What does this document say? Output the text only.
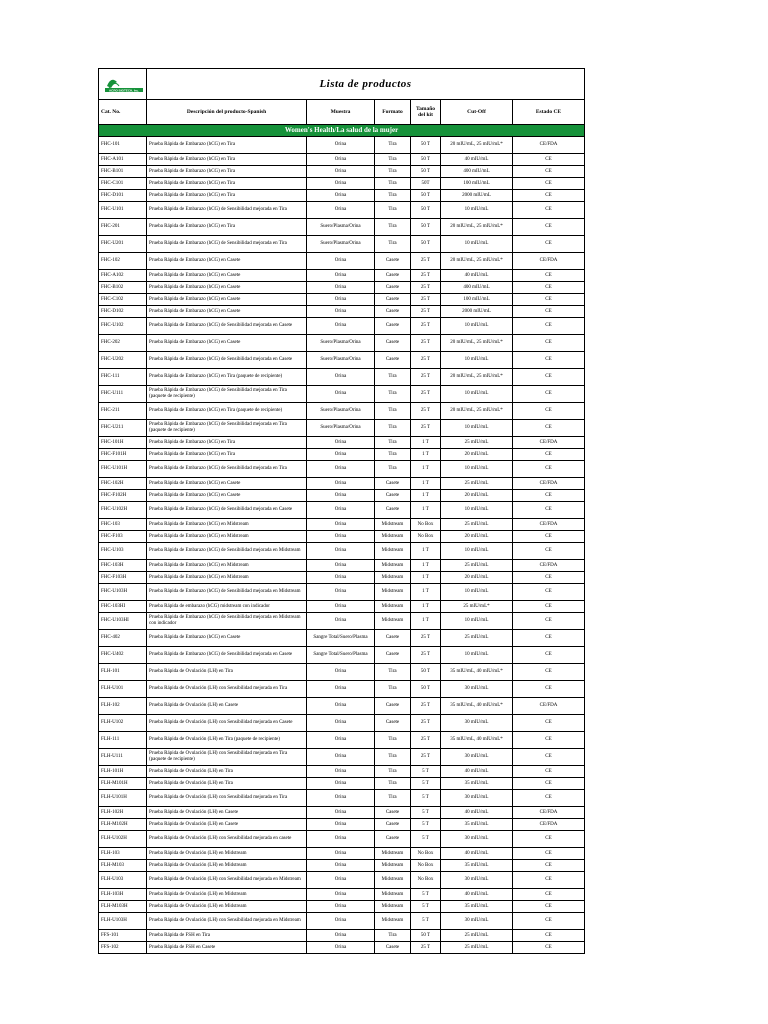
ACRO BIOTECH, Inc.	Lista de productos					
Cat. No.	Descripción del producto-Spanish	Muestra	Formato	Tamaño del kit	Cut-Off	Estado CE
Women's Health/La salud de la mujer						
FHC-101	Prueba Rápida de Embarazo (hCG) en Tira	Orina	Tira	50 T	20 mIU/mL, 25 mIU/mL*	CE/FDA
FHC-A101	Prueba Rápida de Embarazo (hCG) en Tira	Orina	Tira	50 T	40 mIU/mL	CE
FHC-B101	Prueba Rápida de Embarazo (hCG) en Tira	Orina	Tira	50 T	400 mIU/mL	CE
FHC-C101	Prueba Rápida de Embarazo (hCG) en Tira	Orina	Tira	50T	100 mIU/mL	CE
FHC-D101	Prueba Rápida de Embarazo (hCG) en Tira	Orina	Tira	50 T	2000 mIU/mL	CE
FHC-U101	Prueba Rápida de Embarazo (hCG) de Sensibilidad mejorada en Tira	Orina	Tira	50 T	10 mIU/mL	CE
FHC-201	Prueba Rápida de Embarazo (hCG) en Tira	Suero/Plasma/Orina	Tira	50 T	20 mIU/mL, 25 mIU/mL*	CE
FHC-U201	Prueba Rápida de Embarazo (hCG) de Sensibilidad mejorada en Tira	Suero/Plasma/Orina	Tira	50 T	10 mIU/mL	CE
FHC-102	Prueba Rápida de Embarazo (hCG) en Casete	Orina	Casete	25 T	20 mIU/mL, 25 mIU/mL*	CE/FDA
FHC-A102	Prueba Rápida de Embarazo (hCG) en Casete	Orina	Casete	25 T	40 mIU/mL	CE
FHC-B102	Prueba Rápida de Embarazo (hCG) en Casete	Orina	Casete	25 T	400 mIU/mL	CE
FHC-C102	Prueba Rápida de Embarazo (hCG) en Casete	Orina	Casete	25 T	100 mIU/mL	CE
FHC-D102	Prueba Rápida de Embarazo (hCG) en Casete	Orina	Casete	25 T	2000 mIU/mL	CE
FHC-U102	Prueba Rápida de Embarazo (hCG) de Sensibilidad mejorada en Casete	Orina	Casete	25 T	10 mIU/mL	CE
FHC-202	Prueba Rápida de Embarazo (hCG) en Casete	Suero/Plasma/Orina	Casete	25 T	20 mIU/mL, 25 mIU/mL*	CE
FHC-U202	Prueba Rápida de Embarazo (hCG) de Sensibilidad mejorada en Casete	Suero/Plasma/Orina	Casete	25 T	10 mIU/mL	CE
FHC-111	Prueba Rápida de Embarazo (hCG) en Tira (paquete de recipiente)	Orina	Tira	25 T	20 mIU/mL, 25 mIU/mL*	CE
FHC-U111	Prueba Rápida de Embarazo (hCG) de Sensibilidad mejorada en Tira (paquete de recipiente)	Orina	Tira	25 T	10 mIU/mL	CE
FHC-211	Prueba Rápida de Embarazo (hCG) en Tira (paquete de recipiente)	Suero/Plasma/Orina	Tira	25 T	20 mIU/mL, 25 mIU/mL*	CE
FHC-U211	Prueba Rápida de Embarazo (hCG) de Sensibilidad mejorada en Tira (paquete de recipiente)	Suero/Plasma/Orina	Tira	25 T	10 mIU/mL	CE
FHC-101H	Prueba Rápida de Embarazo (hCG) en Tira	Orina	Tira	1 T	25 mIU/mL	CE/FDA
FHC-F101H	Prueba Rápida de Embarazo (hCG) en Tira	Orina	Tira	1 T	20 mIU/mL	CE
FHC-U101H	Prueba Rápida de Embarazo (hCG) de Sensibilidad mejorada en Tira	Orina	Tira	1 T	10 mIU/mL	CE
FHC-102H	Prueba Rápida de Embarazo (hCG) en Casete	Orina	Casete	1 T	25 mIU/mL	CE/FDA
FHC-F102H	Prueba Rápida de Embarazo (hCG) en Casete	Orina	Casete	1 T	20 mIU/mL	CE
FHC-U102H	Prueba Rápida de Embarazo (hCG) de Sensibilidad mejorada en Casete	Orina	Casete	1 T	10 mIU/mL	CE
FHC-103	Prueba Rápida de Embarazo (hCG) en Midstream	Orina	Midstream	No Box	25 mIU/mL	CE/FDA
FHC-F103	Prueba Rápida de Embarazo (hCG) en Midstream	Orina	Midstream	No Box	20 mIU/mL	CE
FHC-U103	Prueba Rápida de Embarazo (hCG) de Sensibilidad mejorada en Midstream	Orina	Midstream	1 T	10 mIU/mL	CE
FHC-103H	Prueba Rápida de Embarazo (hCG) en Midstream	Orina	Midstream	1 T	25 mIU/mL	CE/FDA
FHC-F103H	Prueba Rápida de Embarazo (hCG) en Midstream	Orina	Midstream	1 T	20 mIU/mL	CE
FHC-U103H	Prueba Rápida de Embarazo (hCG) de Sensibilidad mejorada en Midstream	Orina	Midstream	1 T	10 mIU/mL	CE
FHC-103HI	Prueba Rápida de embarazo (hCG) midstream con indicador	Orina	Midstream	1 T	25 mIU/mL*	CE
FHC-U103HI	Prueba Rápida de Embarazo (hCG) de Sensibilidad mejorada en Midstream con indicador	Orina	Midstream	1 T	10 mIU/mL	CE
FHC-402	Prueba Rápida de Embarazo (hCG) en Casete	Sangre Total/Suero/Plasma	Casete	25 T	25 mIU/mL	CE
FHC-U402	Prueba Rápida de Embarazo (hCG) de Sensibilidad mejorada en Casete	Sangre Total/Suero/Plasma	Casete	25 T	10 mIU/mL	CE
FLH-101	Prueba Rápida de Ovulación (LH) en Tira	Orina	Tira	50 T	35 mIU/mL, 40 mIU/mL*	CE
FLH-U101	Prueba Rápida de Ovulación (LH) con Sensibilidad mejorada en Tira	Orina	Tira	50 T	30 mIU/mL	CE
FLH-102	Prueba Rápida de Ovulación (LH) en Casete	Orina	Casete	25 T	35 mIU/mL, 40 mIU/mL*	CE/FDA
FLH-U102	Prueba Rápida de Ovulación (LH) con Sensibilidad mejorada en Casete	Orina	Casete	25 T	30 mIU/mL	CE
FLH-111	Prueba Rápida de Ovulación (LH) en Tira (paquete de recipiente)	Orina	Tira	25 T	35 mIU/mL, 40 mIU/mL*	CE
FLH-U111	Prueba Rápida de Ovulación (LH) con Sensibilidad mejorada en Tira (paquete de recipiente)	Orina	Tira	25 T	30 mIU/mL	CE
FLH-101H	Prueba Rápida de Ovulación (LH) en Tira	Orina	Tira	5 T	40 mIU/mL	CE
FLH-M101H	Prueba Rápida de Ovulación (LH) en Tira	Orina	Tira	5 T	35 mIU/mL	CE
FLH-U101H	Prueba Rápida de Ovulación (LH) con Sensibilidad mejorada en Tira	Orina	Tira	5 T	30 mIU/mL	CE
FLH-102H	Prueba Rápida de Ovulación (LH) en Casete	Orina	Casete	5 T	40 mIU/mL	CE/FDA
FLH-M102H	Prueba Rápida de Ovulación (LH) en Casete	Orina	Casete	5 T	35 mIU/mL	CE/FDA
FLH-U102H	Prueba Rápida de Ovulación (LH) con Sensibilidad mejorada en casete	Orina	Casete	5 T	30 mIU/mL	CE
FLH-103	Prueba Rápida de Ovulación (LH) en Midstream	Orina	Midstream	No Box	40 mIU/mL	CE
FLH-M103	Prueba Rápida de Ovulación (LH) en Midstream	Orina	Midstream	No Box	35 mIU/mL	CE
FLH-U103	Prueba Rápida de Ovulación (LH) con Sensibilidad mejorada en Midstream	Orina	Midstream	No Box	30 mIU/mL	CE
FLH-103H	Prueba Rápida de Ovulación (LH) en Midstream	Orina	Midstream	5 T	40 mIU/mL	CE
FLH-M103H	Prueba Rápida de Ovulación (LH) en Midstream	Orina	Midstream	5 T	35 mIU/mL	CE
FLH-U103H	Prueba Rápida de Ovulación (LH) con Sensibilidad mejorada en Midstream	Orina	Midstream	5 T	30 mIU/mL	CE
FFS-101	Prueba Rápida de FSH en Tira	Orina	Tira	50 T	25 mIU/mL	CE
FFS-102	Prueba Rápida de FSH en Casete	Orina	Casete	25 T	25 mIU/mL	CE
